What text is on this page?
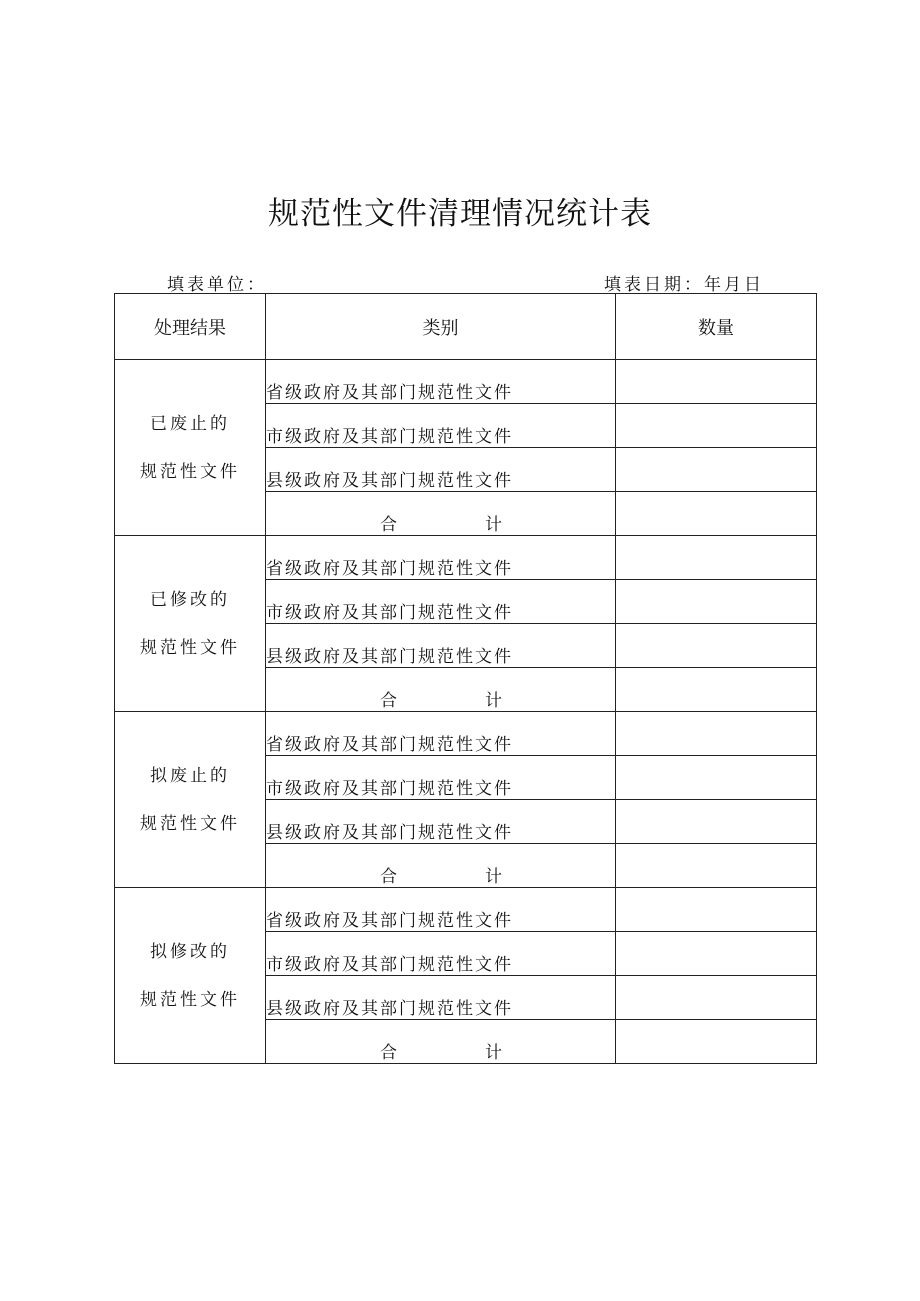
规范性文件清理情况统计表
填表单位：	填表日期：年月日
处理结果	类别	数量

已废止的
规范性文件	省级政府及其部门规范性文件	
	市级政府及其部门规范性文件	
	县级政府及其部门规范性文件	

	合 计	

已修改的
规范性文件	省级政府及其部门规范性文件	
	市级政府及其部门规范性文件	
	县级政府及其部门规范性文件	

	合 计	

拟废止的
规范性文件	省级政府及其部门规范性文件	
	市级政府及其部门规范性文件	
	县级政府及其部门规范性文件	

	合 计	

拟修改的
规范性文件	省级政府及其部门规范性文件	
	市级政府及其部门规范性文件	
	县级政府及其部门规范性文件	

	合 计	
